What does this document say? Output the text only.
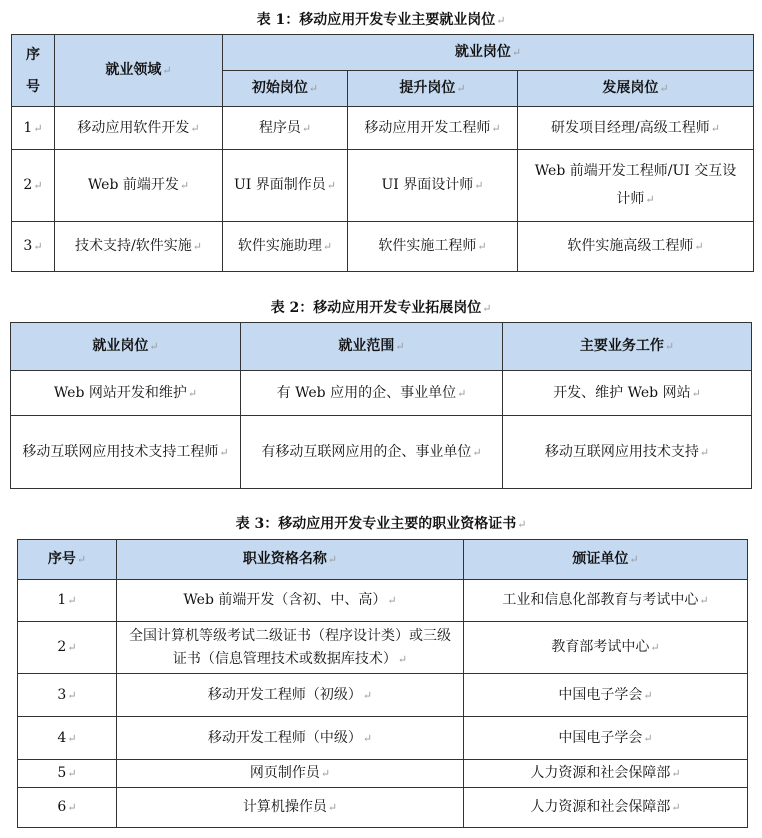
表 1：移动应用开发专业主要就业岗位↵
序
号	就业领域↵	就业岗位↵		
		初始岗位↵	提升岗位↵	发展岗位↵
1↵	移动应用软件开发↵	程序员↵	移动应用开发工程师↵	研发项目经理/高级工程师↵
2↵	Web 前端开发↵	UI 界面制作员↵	UI 界面设计师↵	Web 前端开发工程师/UI 交互设计师↵
3↵	技术支持/软件实施↵	软件实施助理↵	软件实施工程师↵	软件实施高级工程师↵
表 2：移动应用开发专业拓展岗位↵
就业岗位↵	就业范围↵	主要业务工作↵
Web 网站开发和维护↵	有 Web 应用的企、事业单位↵	开发、维护 Web 网站↵
移动互联网应用技术支持工程师↵	有移动互联网应用的企、事业单位↵	移动互联网应用技术支持↵
表 3：移动应用开发专业主要的职业资格证书↵
序号↵	职业资格名称↵	颁证单位↵
1↵	Web 前端开发（含初、中、高）↵	工业和信息化部教育与考试中心↵
2↵	全国计算机等级考试二级证书（程序设计类）或三级证书（信息管理技术或数据库技术）↵	教育部考试中心↵
3↵	移动开发工程师（初级）↵	中国电子学会↵
4↵	移动开发工程师（中级）↵	中国电子学会↵
5↵	网页制作员↵	人力资源和社会保障部↵
6↵	计算机操作员↵	人力资源和社会保障部↵
